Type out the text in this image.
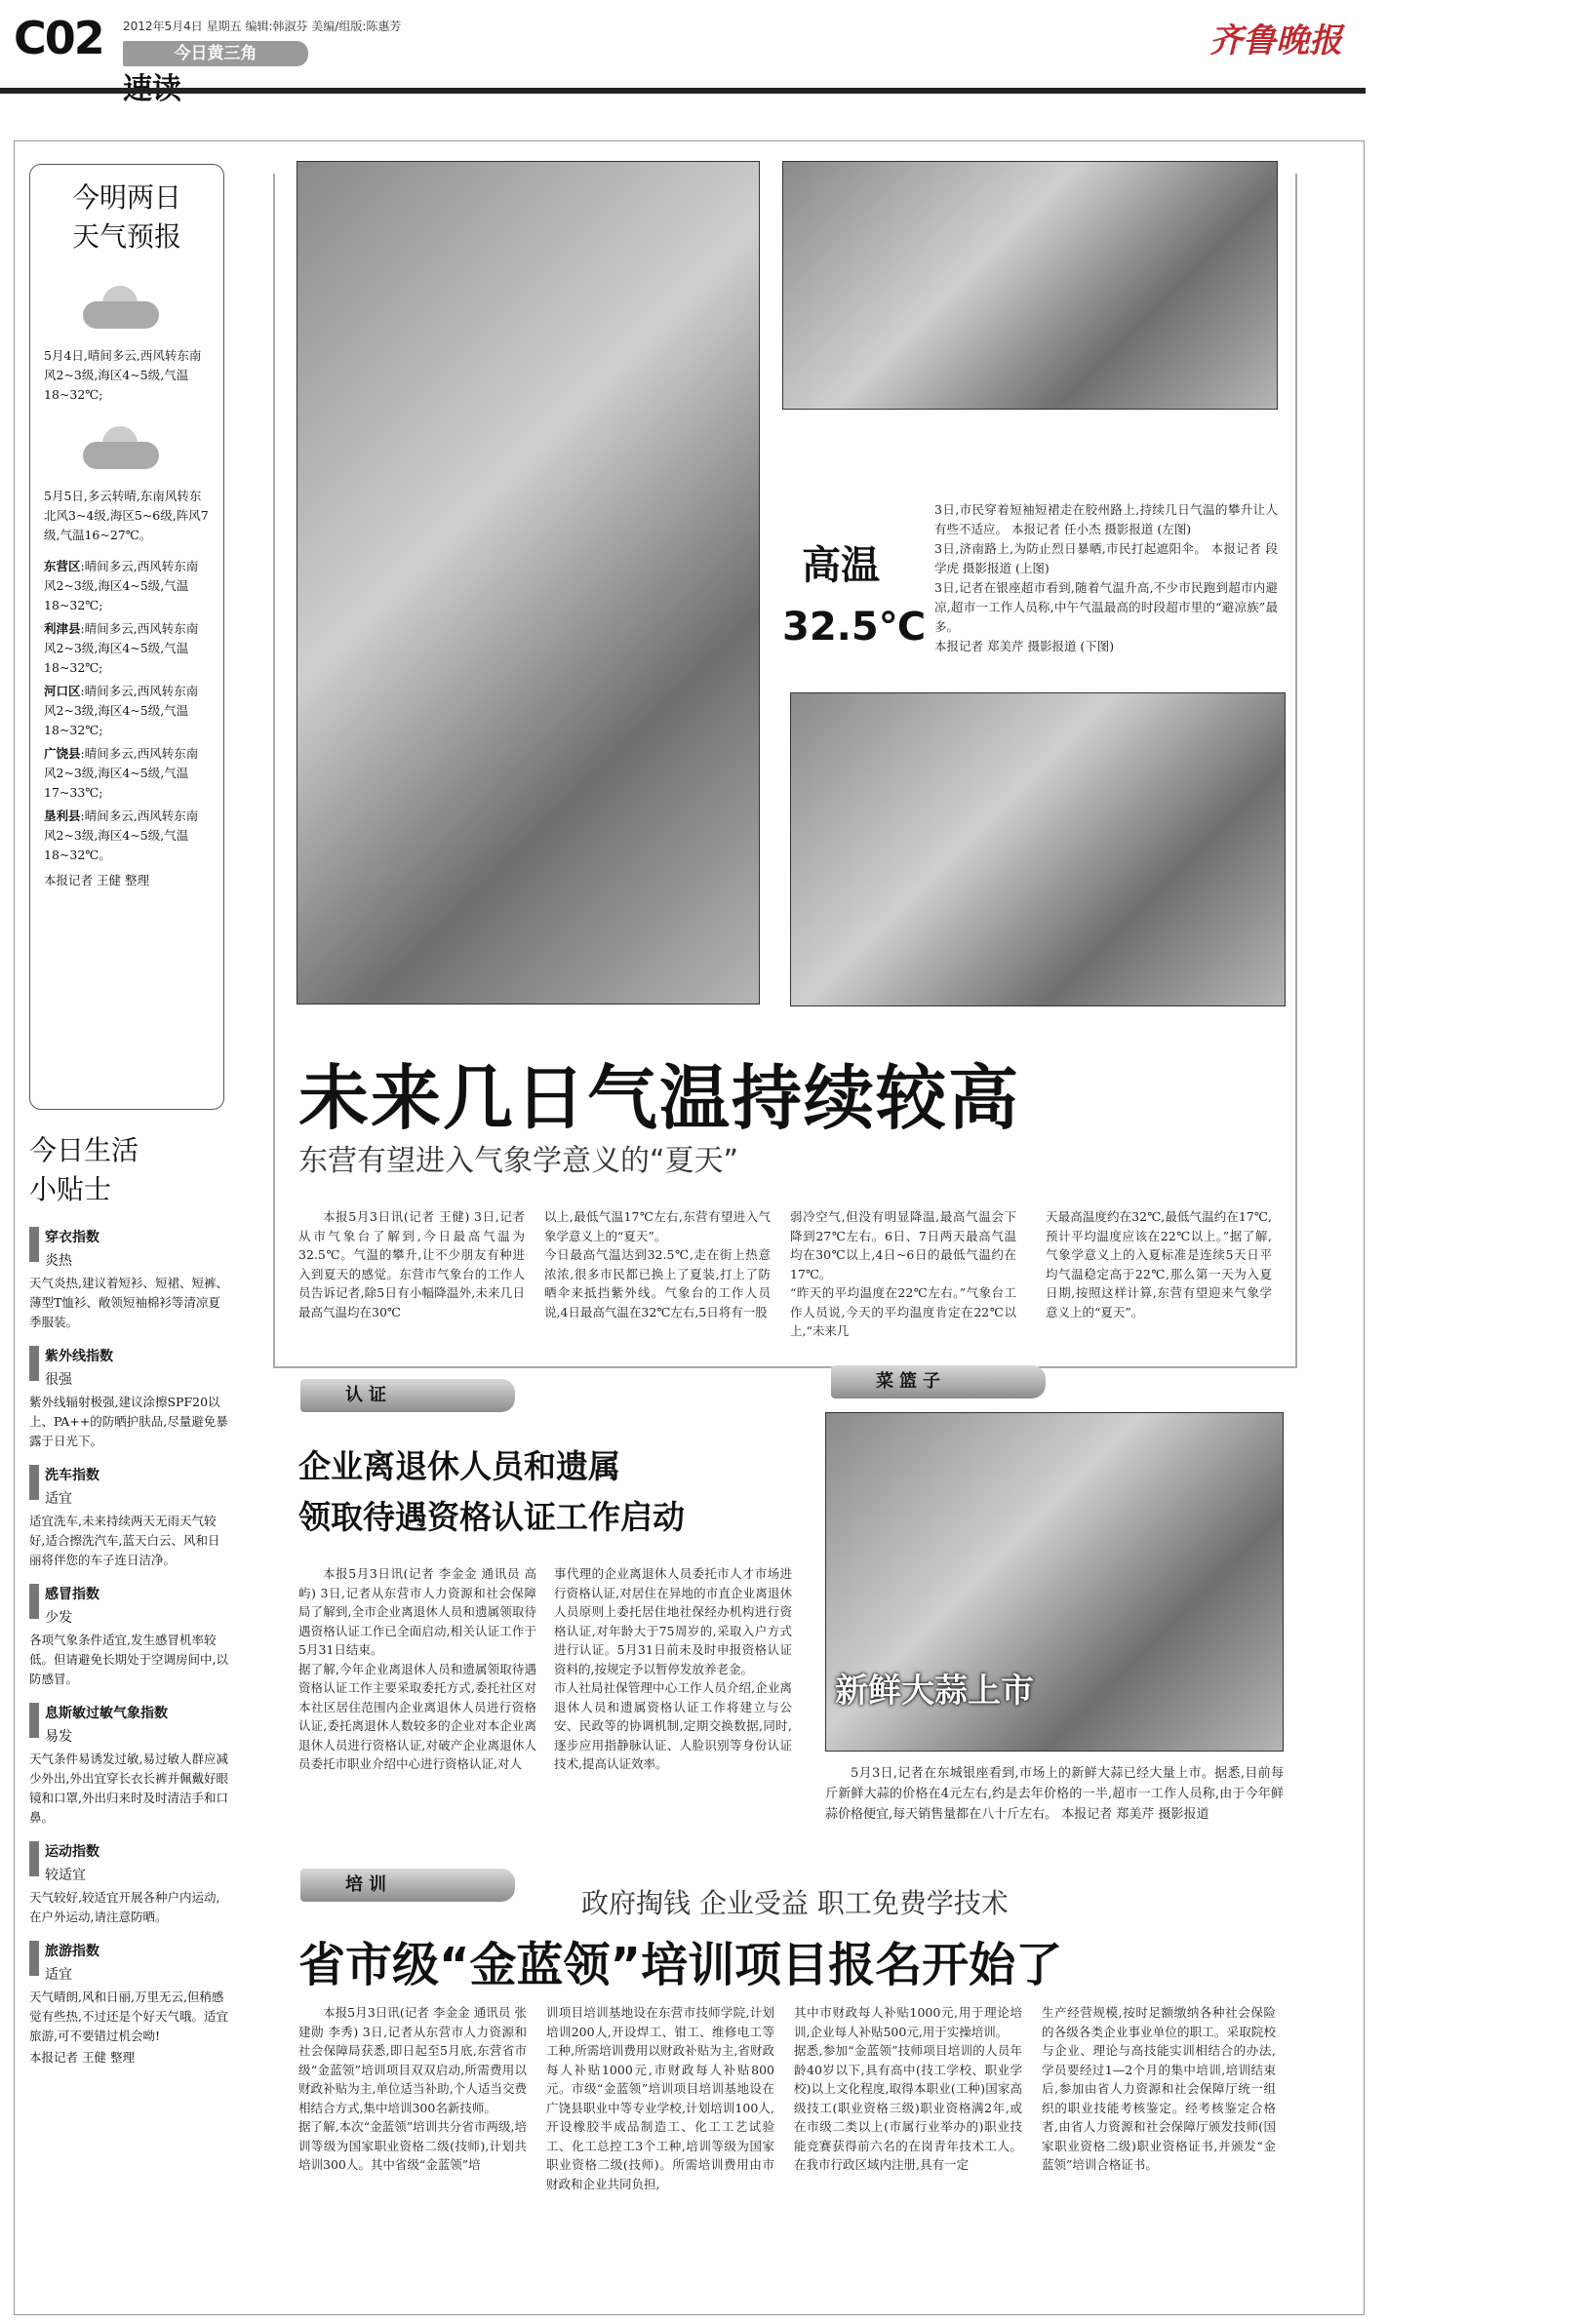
C02 2012年5月4日 星期五 编辑:韩淑芬 美编/组版:陈惠芳
今日黄三角	齐鲁晚报
今明两日
天气预报
5月4日,晴间多云,西风转东南风2~3级,海区4~5级,气温18~32℃;
5月5日,多云转晴,东南风转东北风3~4级,海区5~6级,阵风7级,气温16~27℃。
东营区:晴间多云,西风转东南风2~3级,海区4~5级,气温18~32℃;
利津县:晴间多云,西风转东南风2~3级,海区4~5级,气温18~32℃;
河口区:晴间多云,西风转东南风2~3级,海区4~5级,气温18~32℃;
广饶县:晴间多云,西风转东南风2~3级,海区4~5级,气温17~33℃;
垦利县:晴间多云,西风转东南风2~3级,海区4~5级,气温18~32℃。
本报记者 王健 整理
今日生活
小贴士
穿衣指数
炎热
天气炎热,建议着短衫、短裙、短裤、薄型T恤衫、敞领短袖棉衫等清凉夏季服装。
紫外线指数
很强
紫外线辐射极强,建议涂擦SPF20以上、PA++的防晒护肤品,尽量避免暴露于日光下。
洗车指数
适宜
适宜洗车,未来持续两天无雨天气较好,适合擦洗汽车,蓝天白云、风和日丽将伴您的车子连日洁净。
感冒指数
少发
各项气象条件适宜,发生感冒机率较低。但请避免长期处于空调房间中,以防感冒。
息斯敏过敏气象指数
易发
天气条件易诱发过敏,易过敏人群应减少外出,外出宜穿长衣长裤并佩戴好眼镜和口罩,外出归来时及时清洁手和口鼻。
运动指数
较适宜
天气较好,较适宜开展各种户内运动,在户外运动,请注意防晒。
旅游指数
适宜
天气晴朗,风和日丽,万里无云,但稍感觉有些热,不过还是个好天气哦。适宜旅游,可不要错过机会呦!
本报记者 王健 整理
高温
32.5℃
3日,市民穿着短袖短裙走在胶州路上,持续几日气温的攀升让人有些不适应。 本报记者 任小杰 摄影报道 (左图)
3日,济南路上,为防止烈日暴晒,市民打起遮阳伞。 本报记者 段学虎 摄影报道 (上图)
3日,记者在银座超市看到,随着气温升高,不少市民跑到超市内避凉,超市一工作人员称,中午气温最高的时段超市里的“避凉族”最多。
本报记者 郑美芹 摄影报道 (下图)
未来几日气温持续较高
东营有望进入气象学意义的“夏天”
本报5月3日讯(记者 王健) 3日,记者从市气象台了解到,今日最高气温为32.5℃。气温的攀升,让不少朋友有种进入到夏天的感觉。东营市气象台的工作人员告诉记者,除5日有小幅降温外,未来几日最高气温均在30℃
以上,最低气温17℃左右,东营有望进入气象学意义上的“夏天”。
今日最高气温达到32.5℃,走在街上热意浓浓,很多市民都已换上了夏装,打上了防晒伞来抵挡紫外线。气象台的工作人员说,4日最高气温在32℃左右,5日将有一股
弱冷空气,但没有明显降温,最高气温会下降到27℃左右。6日、7日两天最高气温均在30℃以上,4日~6日的最低气温约在17℃。
“昨天的平均温度在22℃左右。”气象台工作人员说,今天的平均温度肯定在22℃以上,“未来几
天最高温度约在32℃,最低气温约在17℃,预计平均温度应该在22℃以上。”据了解,气象学意义上的入夏标准是连续5天日平均气温稳定高于22℃,那么第一天为入夏日期,按照这样计算,东营有望迎来气象学意义上的“夏天”。
认证
企业离退休人员和遗属
领取待遇资格认证工作启动
本报5月3日讯(记者 李金金 通讯员 高屿) 3日,记者从东营市人力资源和社会保障局了解到,全市企业离退休人员和遗属领取待遇资格认证工作已全面启动,相关认证工作于5月31日结束。
据了解,今年企业离退休人员和遗属领取待遇资格认证工作主要采取委托方式,委托社区对本社区居住范围内企业离退休人员进行资格认证,委托离退休人数较多的企业对本企业离退休人员进行资格认证,对破产企业离退休人员委托市职业介绍中心进行资格认证,对人
事代理的企业离退休人员委托市人才市场进行资格认证,对居住在异地的市直企业离退休人员原则上委托居住地社保经办机构进行资格认证,对年龄大于75周岁的,采取入户方式进行认证。5月31日前未及时申报资格认证资料的,按规定予以暂停发放养老金。
市人社局社保管理中心工作人员介绍,企业离退休人员和遗属资格认证工作将建立与公安、民政等的协调机制,定期交换数据,同时,逐步应用指静脉认证、人脸识别等身份认证技术,提高认证效率。
菜篮子
新鲜大蒜上市
5月3日,记者在东城银座看到,市场上的新鲜大蒜已经大量上市。据悉,目前每斤新鲜大蒜的价格在4元左右,约是去年价格的一半,超市一工作人员称,由于今年鲜蒜价格便宜,每天销售量都在八十斤左右。 本报记者 郑美芹 摄影报道
培训
政府掏钱 企业受益 职工免费学技术
省市级“金蓝领”培训项目报名开始了
本报5月3日讯(记者 李金金 通讯员 张建勋 李秀) 3日,记者从东营市人力资源和社会保障局获悉,即日起至5月底,东营省市级“金蓝领”培训项目双双启动,所需费用以财政补贴为主,单位适当补助,个人适当交费相结合方式,集中培训300名新技师。
据了解,本次“金蓝领”培训共分省市两级,培训等级为国家职业资格二级(技师),计划共培训300人。其中省级“金蓝领”培
训项目培训基地设在东营市技师学院,计划培训200人,开设焊工、钳工、维修电工等工种,所需培训费用以财政补贴为主,省财政每人补贴1000元,市财政每人补贴800元。市级“金蓝领”培训项目培训基地设在广饶县职业中等专业学校,计划培训100人,开设橡胶半成品制造工、化工工艺试验工、化工总控工3个工种,培训等级为国家职业资格二级(技师)。所需培训费用由市财政和企业共同负担,
其中市财政每人补贴1000元,用于理论培训,企业每人补贴500元,用于实操培训。
据悉,参加“金蓝领”技师项目培训的人员年龄40岁以下,具有高中(技工学校、职业学校)以上文化程度,取得本职业(工种)国家高级技工(职业资格三级)职业资格满2年,或在市级二类以上(市属行业举办的)职业技能竞赛获得前六名的在岗青年技术工人。在我市行政区域内注册,具有一定
生产经营规模,按时足额缴纳各种社会保险的各级各类企业事业单位的职工。采取院校与企业、理论与高技能实训相结合的办法,学员要经过1—2个月的集中培训,培训结束后,参加由省人力资源和社会保障厅统一组织的职业技能考核鉴定。经考核鉴定合格者,由省人力资源和社会保障厅颁发技师(国家职业资格二级)职业资格证书,并颁发“金蓝领”培训合格证书。
